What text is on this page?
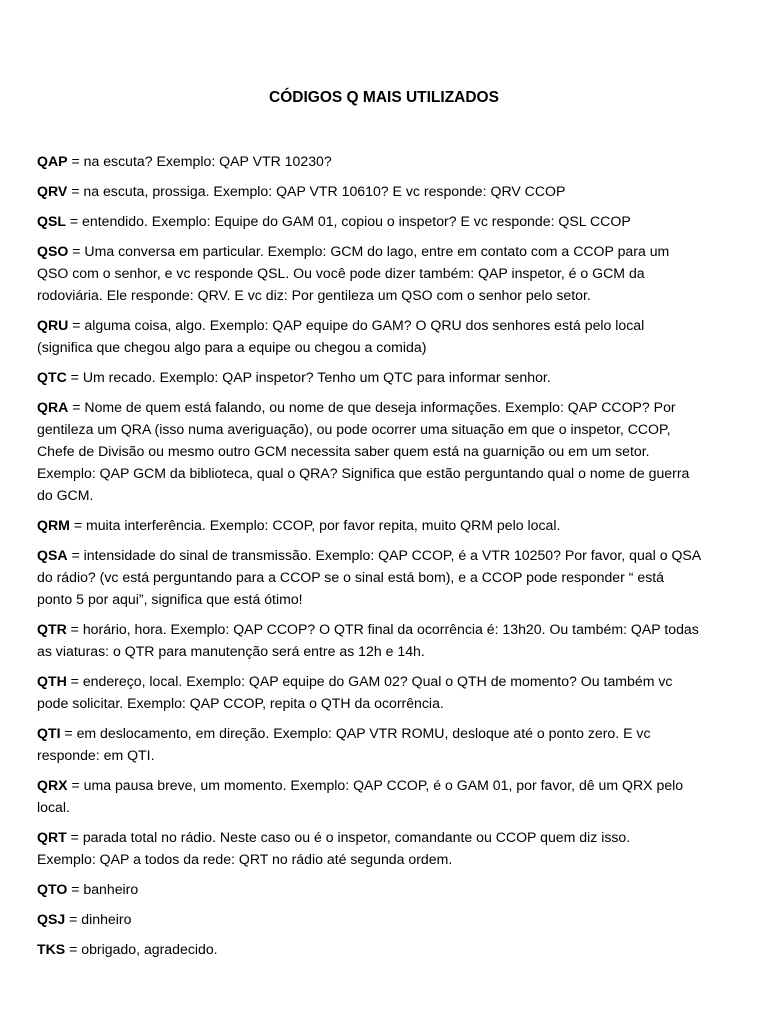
CÓDIGOS Q MAIS UTILIZADOS
QAP = na escuta? Exemplo: QAP VTR 10230?
QRV = na escuta, prossiga. Exemplo: QAP VTR 10610? E vc responde: QRV CCOP
QSL = entendido. Exemplo: Equipe do GAM 01, copiou o inspetor? E vc responde: QSL CCOP
QSO = Uma conversa em particular. Exemplo: GCM do lago, entre em contato com a CCOP para um
QSO com o senhor, e vc responde QSL. Ou você pode dizer também: QAP inspetor, é o GCM da
rodoviária. Ele responde: QRV. E vc diz: Por gentileza um QSO com o senhor pelo setor.
QRU = alguma coisa, algo. Exemplo: QAP equipe do GAM? O QRU dos senhores está pelo local
(significa que chegou algo para a equipe ou chegou a comida)
QTC = Um recado. Exemplo: QAP inspetor? Tenho um QTC para informar senhor.
QRA = Nome de quem está falando, ou nome de que deseja informações. Exemplo: QAP CCOP? Por
gentileza um QRA (isso numa averiguação), ou pode ocorrer uma situação em que o inspetor, CCOP,
Chefe de Divisão ou mesmo outro GCM necessita saber quem está na guarnição ou em um setor.
Exemplo: QAP GCM da biblioteca, qual o QRA? Significa que estão perguntando qual o nome de guerra
do GCM.
QRM = muita interferência. Exemplo: CCOP, por favor repita, muito QRM pelo local.
QSA = intensidade do sinal de transmissão. Exemplo: QAP CCOP, é a VTR 10250? Por favor, qual o QSA
do rádio? (vc está perguntando para a CCOP se o sinal está bom), e a CCOP pode responder “ está
ponto 5 por aqui”, significa que está ótimo!
QTR = horário, hora. Exemplo: QAP CCOP? O QTR final da ocorrência é: 13h20. Ou também: QAP todas
as viaturas: o QTR para manutenção será entre as 12h e 14h.
QTH = endereço, local. Exemplo: QAP equipe do GAM 02? Qual o QTH de momento? Ou também vc
pode solicitar. Exemplo: QAP CCOP, repita o QTH da ocorrência.
QTI = em deslocamento, em direção. Exemplo: QAP VTR ROMU, desloque até o ponto zero. E vc
responde: em QTI.
QRX = uma pausa breve, um momento. Exemplo: QAP CCOP, é o GAM 01, por favor, dê um QRX pelo
local.
QRT = parada total no rádio. Neste caso ou é o inspetor, comandante ou CCOP quem diz isso.
Exemplo: QAP a todos da rede: QRT no rádio até segunda ordem.
QTO = banheiro
QSJ = dinheiro
TKS = obrigado, agradecido.
